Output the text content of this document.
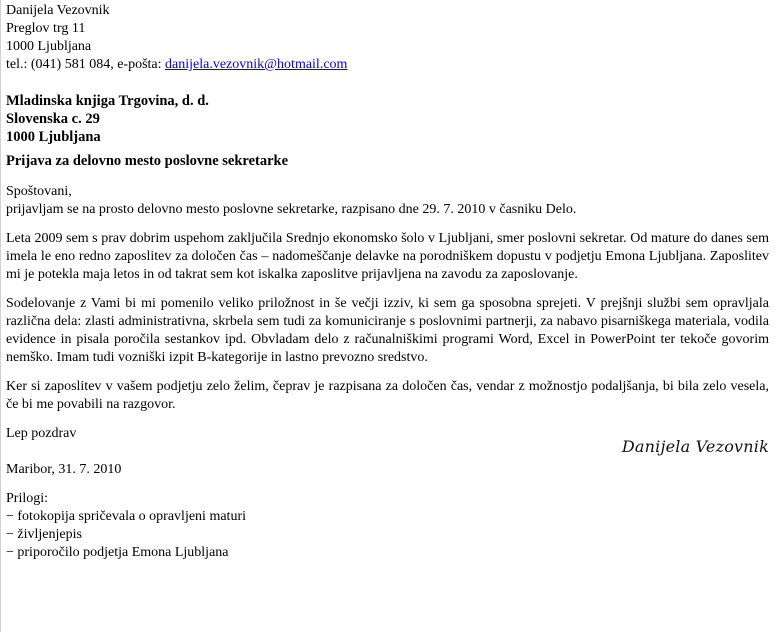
Danijela Vezovnik
Preglov trg 11
1000 Ljubljana
tel.: (041) 581 084, e-pošta: danijela.vezovnik@hotmail.com
Mladinska knjiga Trgovina, d. d.
Slovenska c. 29
1000 Ljubljana
Prijava za delovno mesto poslovne sekretarke
Spoštovani,
prijavljam se na prosto delovno mesto poslovne sekretarke, razpisano dne 29. 7. 2010 v časniku Delo.

Leta 2009 sem s prav dobrim uspehom zaključila Srednjo ekonomsko šolo v Ljubljani, smer poslovni sekretar. Od mature do danes sem imela le eno redno zaposlitev za določen čas – nadomeščanje delavke na porodniškem dopustu v podjetju Emona Ljubljana. Zaposlitev mi je potekla maja letos in od takrat sem kot iskalka zaposlitve prijavljena na zavodu za zaposlovanje.

Sodelovanje z Vami bi mi pomenilo veliko priložnost in še večji izziv, ki sem ga sposobna sprejeti. V prejšnji službi sem opravljala različna dela: zlasti administrativna, skrbela sem tudi za komuniciranje s poslovnimi partnerji, za nabavo pisarniškega materiala, vodila evidence in pisala poročila sestankov ipd. Obvladam delo z računalniškimi programi Word, Excel in PowerPoint ter tekoče govorim nemško. Imam tudi vozniški izpit B-kategorije in lastno prevozno sredstvo.

Ker si zaposlitev v vašem podjetju zelo želim, čeprav je razpisana za določen čas, vendar z možnostjo podaljšanja, bi bila zelo vesela, če bi me povabili na razgovor.

Lep pozdrav
Danijela Vezovnik
Maribor, 31. 7. 2010
Prilogi:
− fotokopija spričevala o opravljeni maturi
− življenjepis
− priporočilo podjetja Emona Ljubljana
